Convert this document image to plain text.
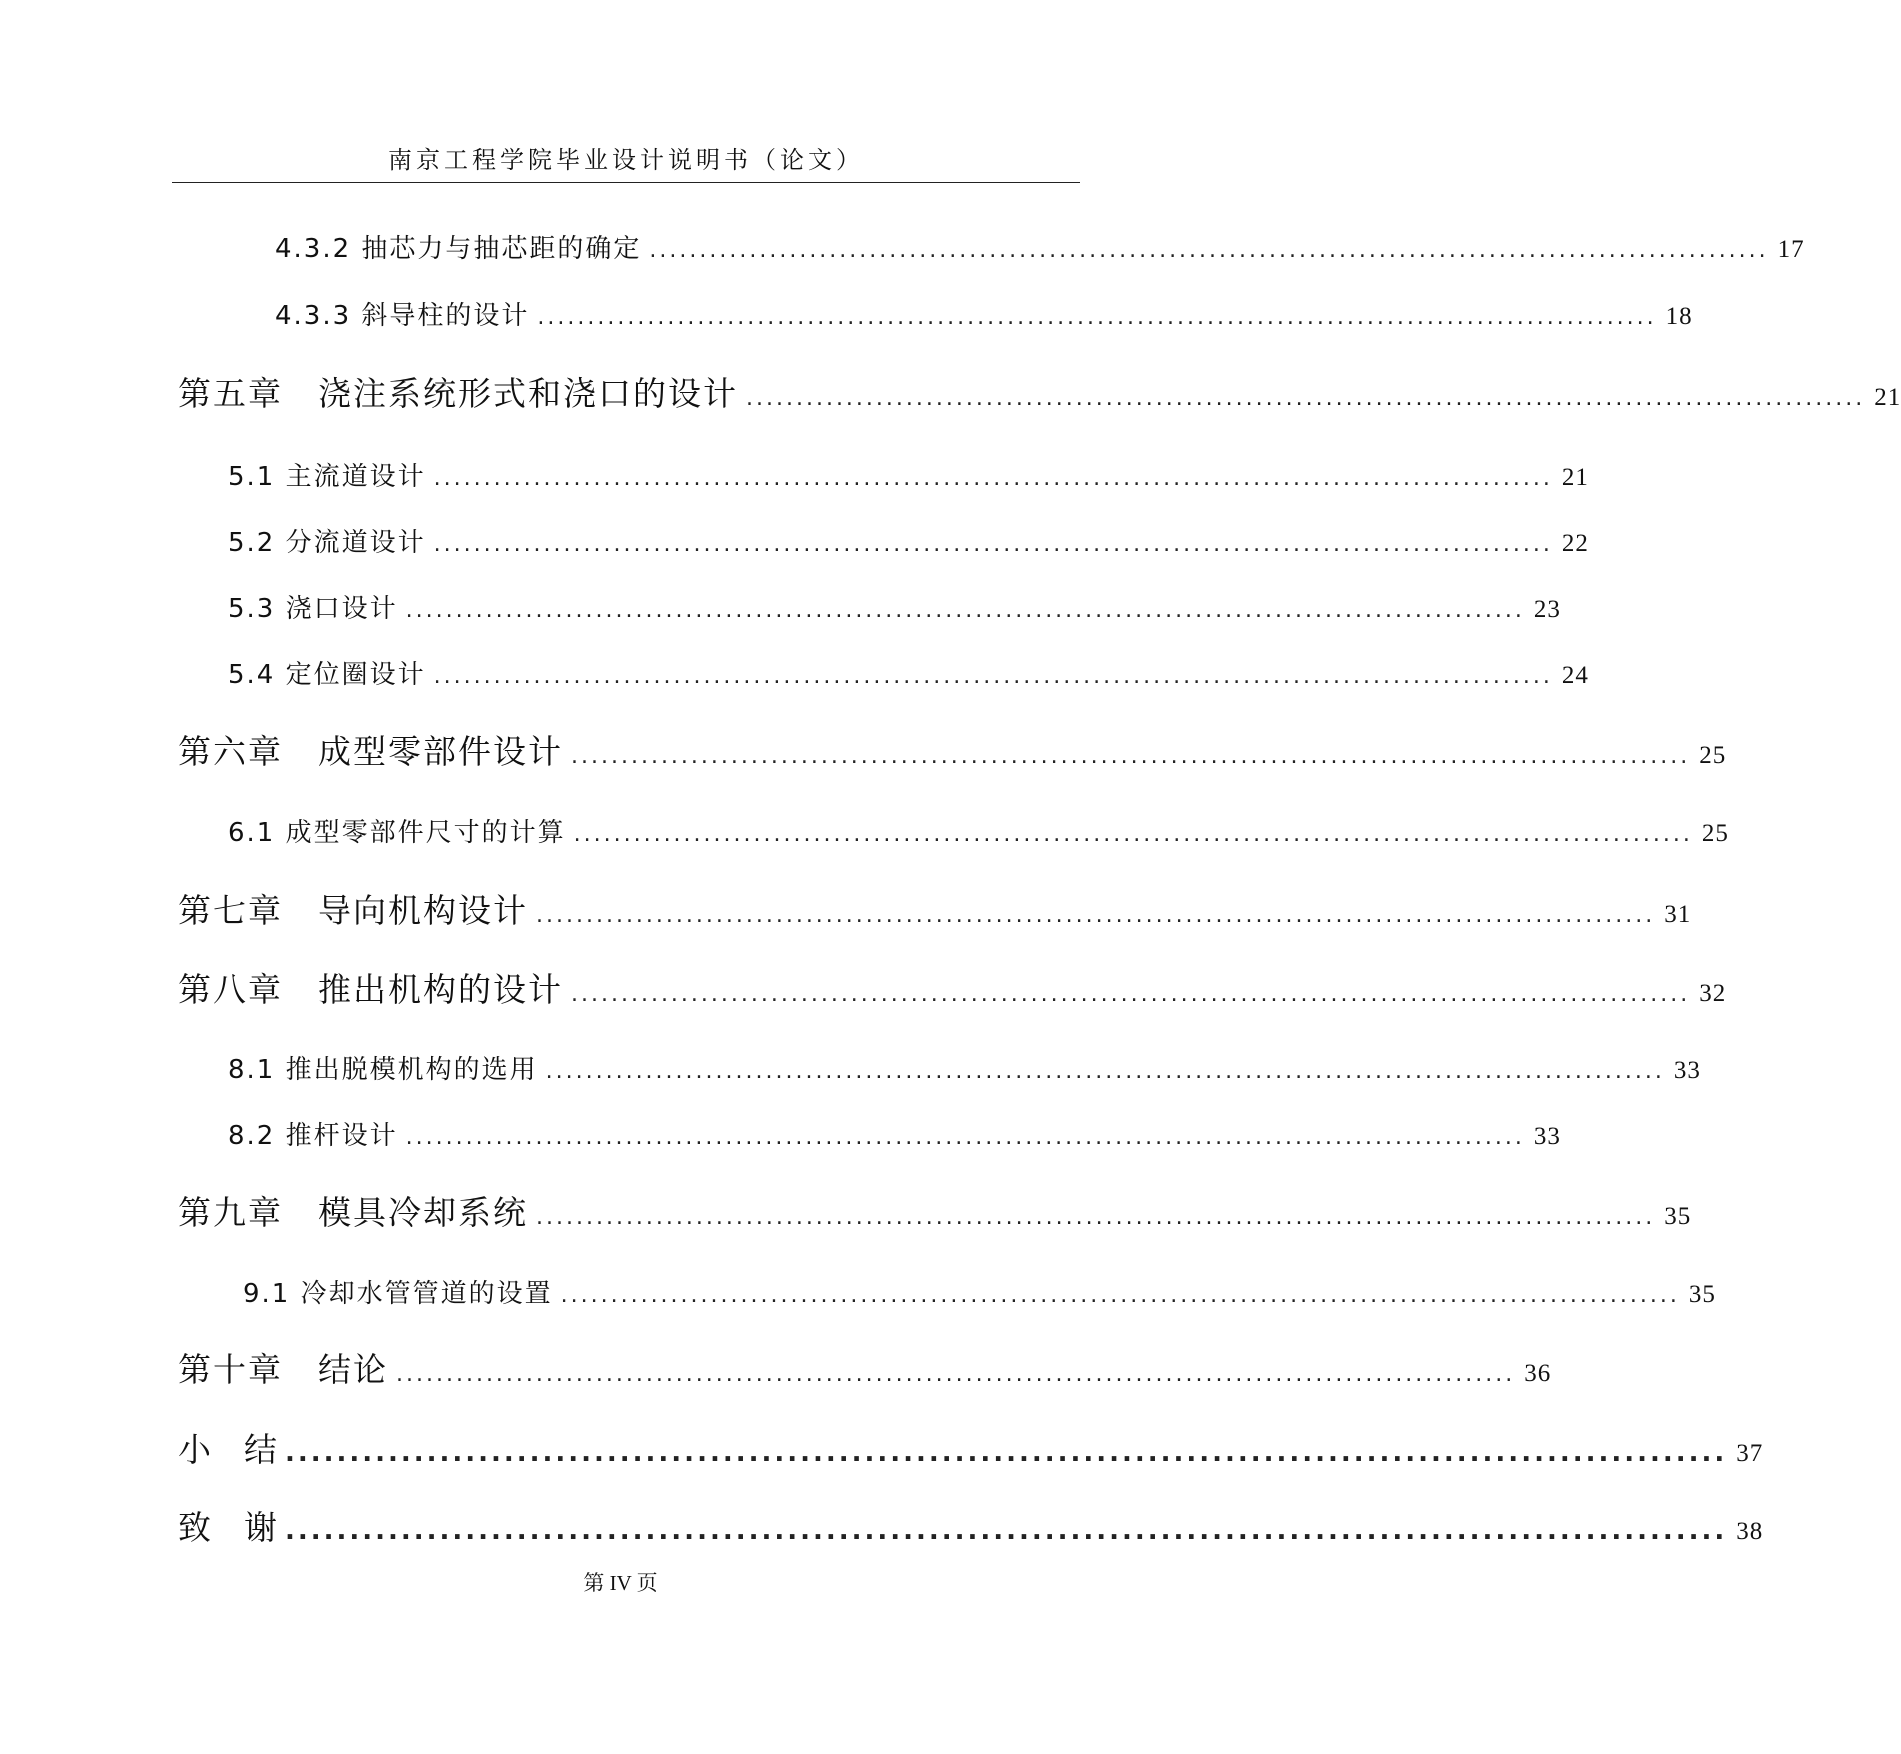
南京工程学院毕业设计说明书（论文）
4.3.2 抽芯力与抽芯距的确定 ................................................................................................................ 17
4.3.3 斜导柱的设计 ................................................................................................................ 18
第五章　浇注系统形式和浇口的设计 ................................................................................................................ 21
5.1 主流道设计 ................................................................................................................ 21
5.2 分流道设计 ................................................................................................................ 22
5.3 浇口设计 ................................................................................................................ 23
5.4 定位圈设计 ................................................................................................................ 24
第六章　成型零部件设计 ................................................................................................................ 25
6.1 成型零部件尺寸的计算 ................................................................................................................ 25
第七章　导向机构设计 ................................................................................................................ 31
第八章　推出机构的设计 ................................................................................................................ 32
8.1 推出脱模机构的选用 ................................................................................................................ 33
8.2 推杆设计 ................................................................................................................ 33
第九章　模具冷却系统 ................................................................................................................ 35
9.1 冷却水管管道的设置 ................................................................................................................ 35
第十章　结论 ................................................................................................................ 36
小　结 ................................................................................................................ 37
致　谢 ................................................................................................................ 38
第 IV 页
